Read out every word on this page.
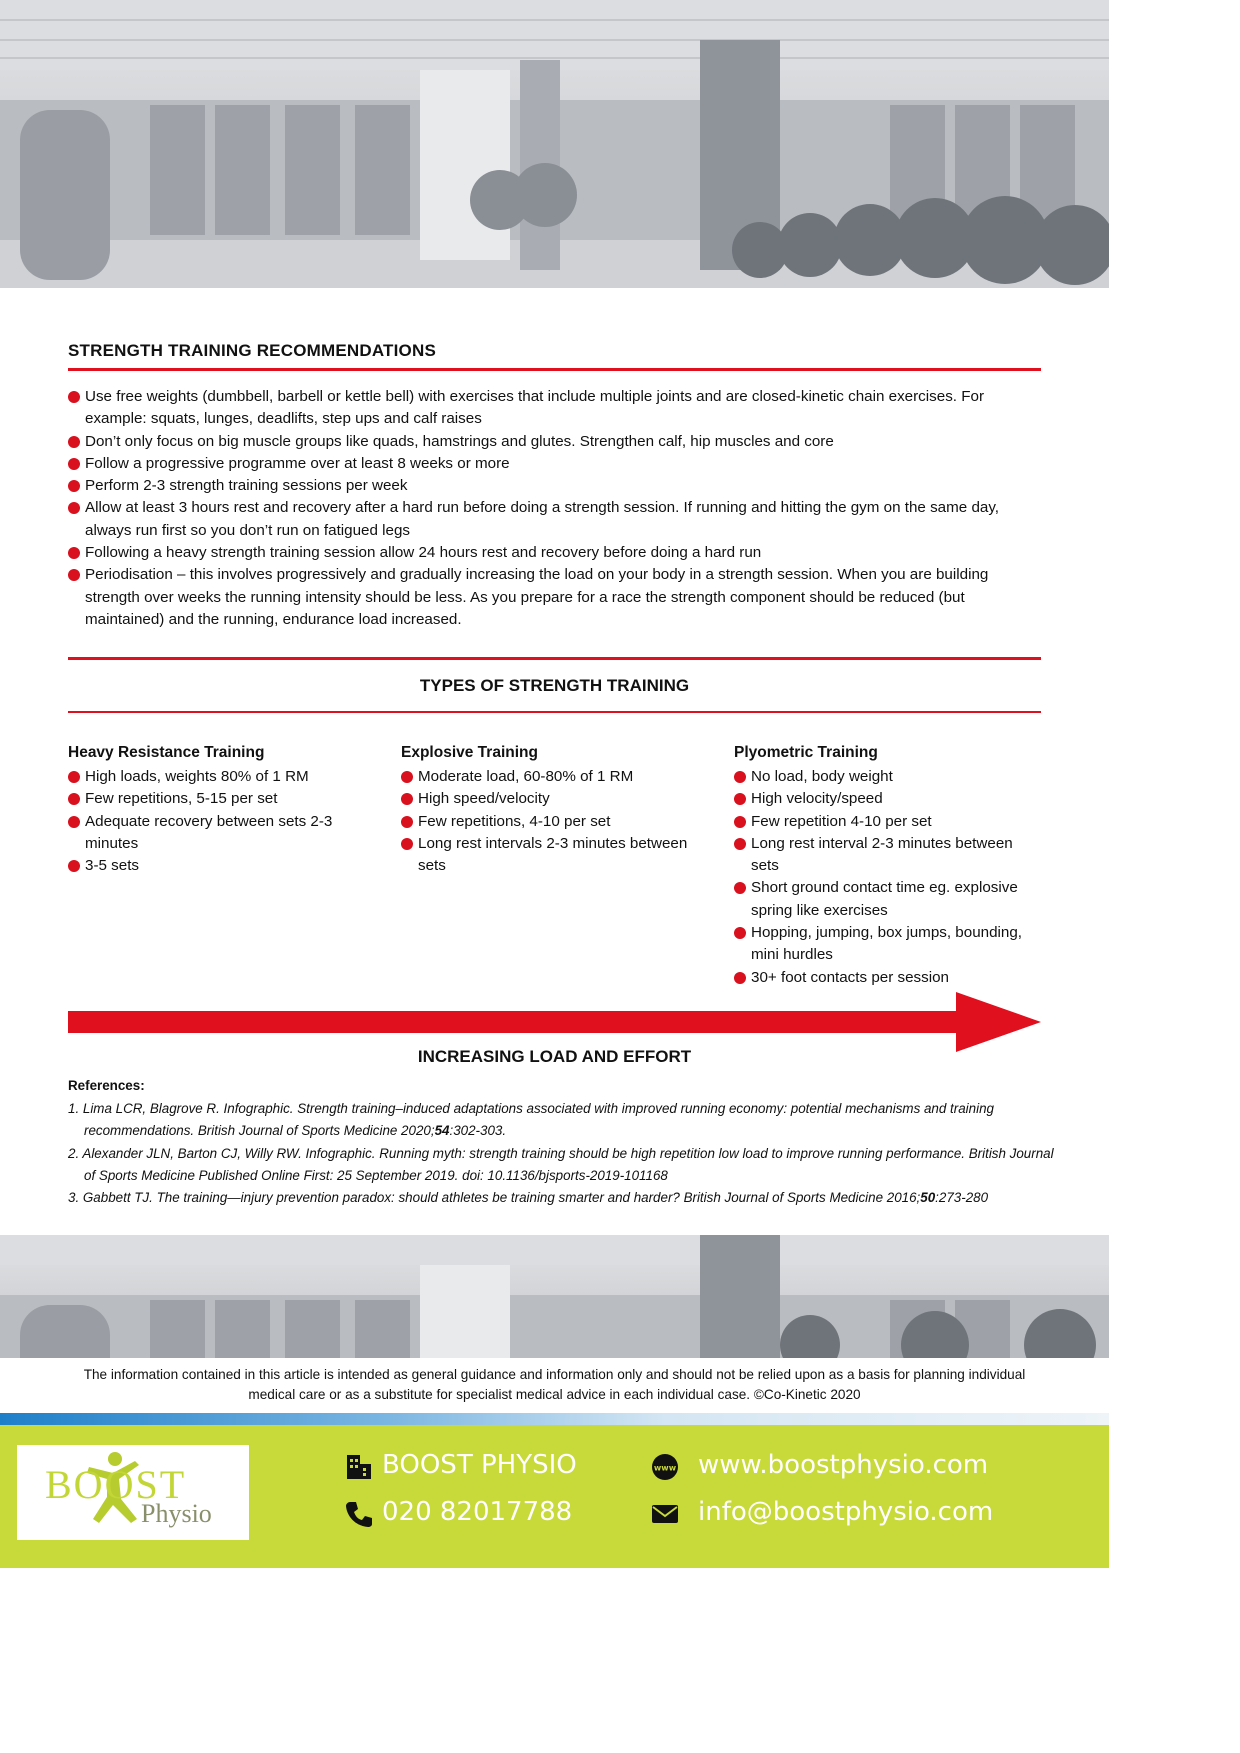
STRENGTH TRAINING RECOMMENDATIONS
Use free weights (dumbbell, barbell or kettle bell) with exercises that include multiple joints and are closed-kinetic chain exercises. For example: squats, lunges, deadlifts, step ups and calf raises
Don’t only focus on big muscle groups like quads, hamstrings and glutes. Strengthen calf, hip muscles and core
Follow a progressive programme over at least 8 weeks or more
Perform 2-3 strength training sessions per week
Allow at least 3 hours rest and recovery after a hard run before doing a strength session. If running and hitting the gym on the same day, always run first so you don’t run on fatigued legs
Following a heavy strength training session allow 24 hours rest and recovery before doing a hard run
Periodisation – this involves progressively and gradually increasing the load on your body in a strength session. When you are building strength over weeks the running intensity should be less. As you prepare for a race the strength component should be reduced (but maintained) and the running, endurance load increased.
TYPES OF STRENGTH TRAINING
Heavy Resistance Training
High loads, weights 80% of 1 RM
Few repetitions, 5-15 per set
Adequate recovery between sets 2-3 minutes
3-5 sets
Explosive Training
Moderate load, 60-80% of 1 RM
High speed/velocity
Few repetitions, 4-10 per set
Long rest intervals 2-3 minutes between sets
Plyometric Training
No load, body weight
High velocity/speed
Few repetition 4-10 per set
Long rest interval 2-3 minutes between sets
Short ground contact time eg. explosive spring like exercises
Hopping, jumping, box jumps, bounding, mini hurdles
30+ foot contacts per session
INCREASING LOAD AND EFFORT
References:
1. Lima LCR, Blagrove R. Infographic. Strength training–induced adaptations associated with improved running economy: potential mechanisms and training recommendations. British Journal of Sports Medicine 2020;54:302-303.
2. Alexander JLN, Barton CJ, Willy RW. Infographic. Running myth: strength training should be high repetition low load to improve running performance. British Journal of Sports Medicine Published Online First: 25 September 2019. doi: 10.1136/bjsports-2019-101168
3. Gabbett TJ. The training—injury prevention paradox: should athletes be training smarter and harder? British Journal of Sports Medicine 2016;50:273-280
The information contained in this article is intended as general guidance and information only and should not be relied upon as a basis for planning individual medical care or as a substitute for specialist medical advice in each individual case. ©Co-Kinetic 2020
BOOST
Physio
BOOST PHYSIO
020 82017788
www www.boostphysio.com
info@boostphysio.com
